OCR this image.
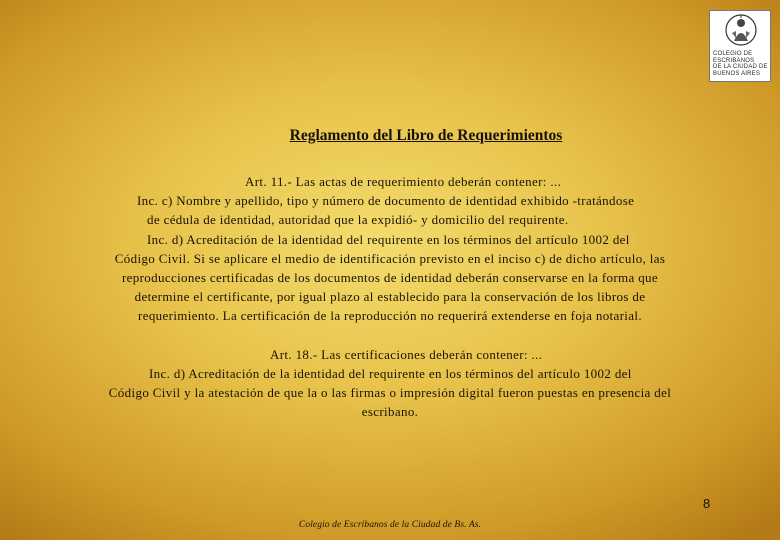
COLEGIO DE
ESCRIBANOS
DE LA CIUDAD DE
BUENOS AIRES
Reglamento del Libro de Requerimientos

Art. 11.- Las actas de requerimiento deberán contener: ...

Inc. c) Nombre y apellido, tipo y número de documento de identidad exhibido -tratándose

de cédula de identidad, autoridad que la expidió- y domicilio del requirente.

Inc. d) Acreditación de la identidad del requirente en los términos del artículo 1002 del

Código Civil. Si se aplicare el medio de identificación previsto en el inciso c) de dicho artículo, las

reproducciones certificadas de los documentos de identidad deberán conservarse en la forma que

determine el certificante, por igual plazo al establecido para la conservación de los libros de

requerimiento. La certificación de la reproducción no requerirá extenderse en foja notarial.

Art. 18.- Las certificaciones deberán contener: ...

Inc. d) Acreditación de la identidad del requirente en los términos del artículo 1002 del

Código Civil y la atestación de que la o las firmas o impresión digital fueron puestas en presencia del

escribano.

8
Colegio de Escribanos de la Ciudad de Bs. As.
